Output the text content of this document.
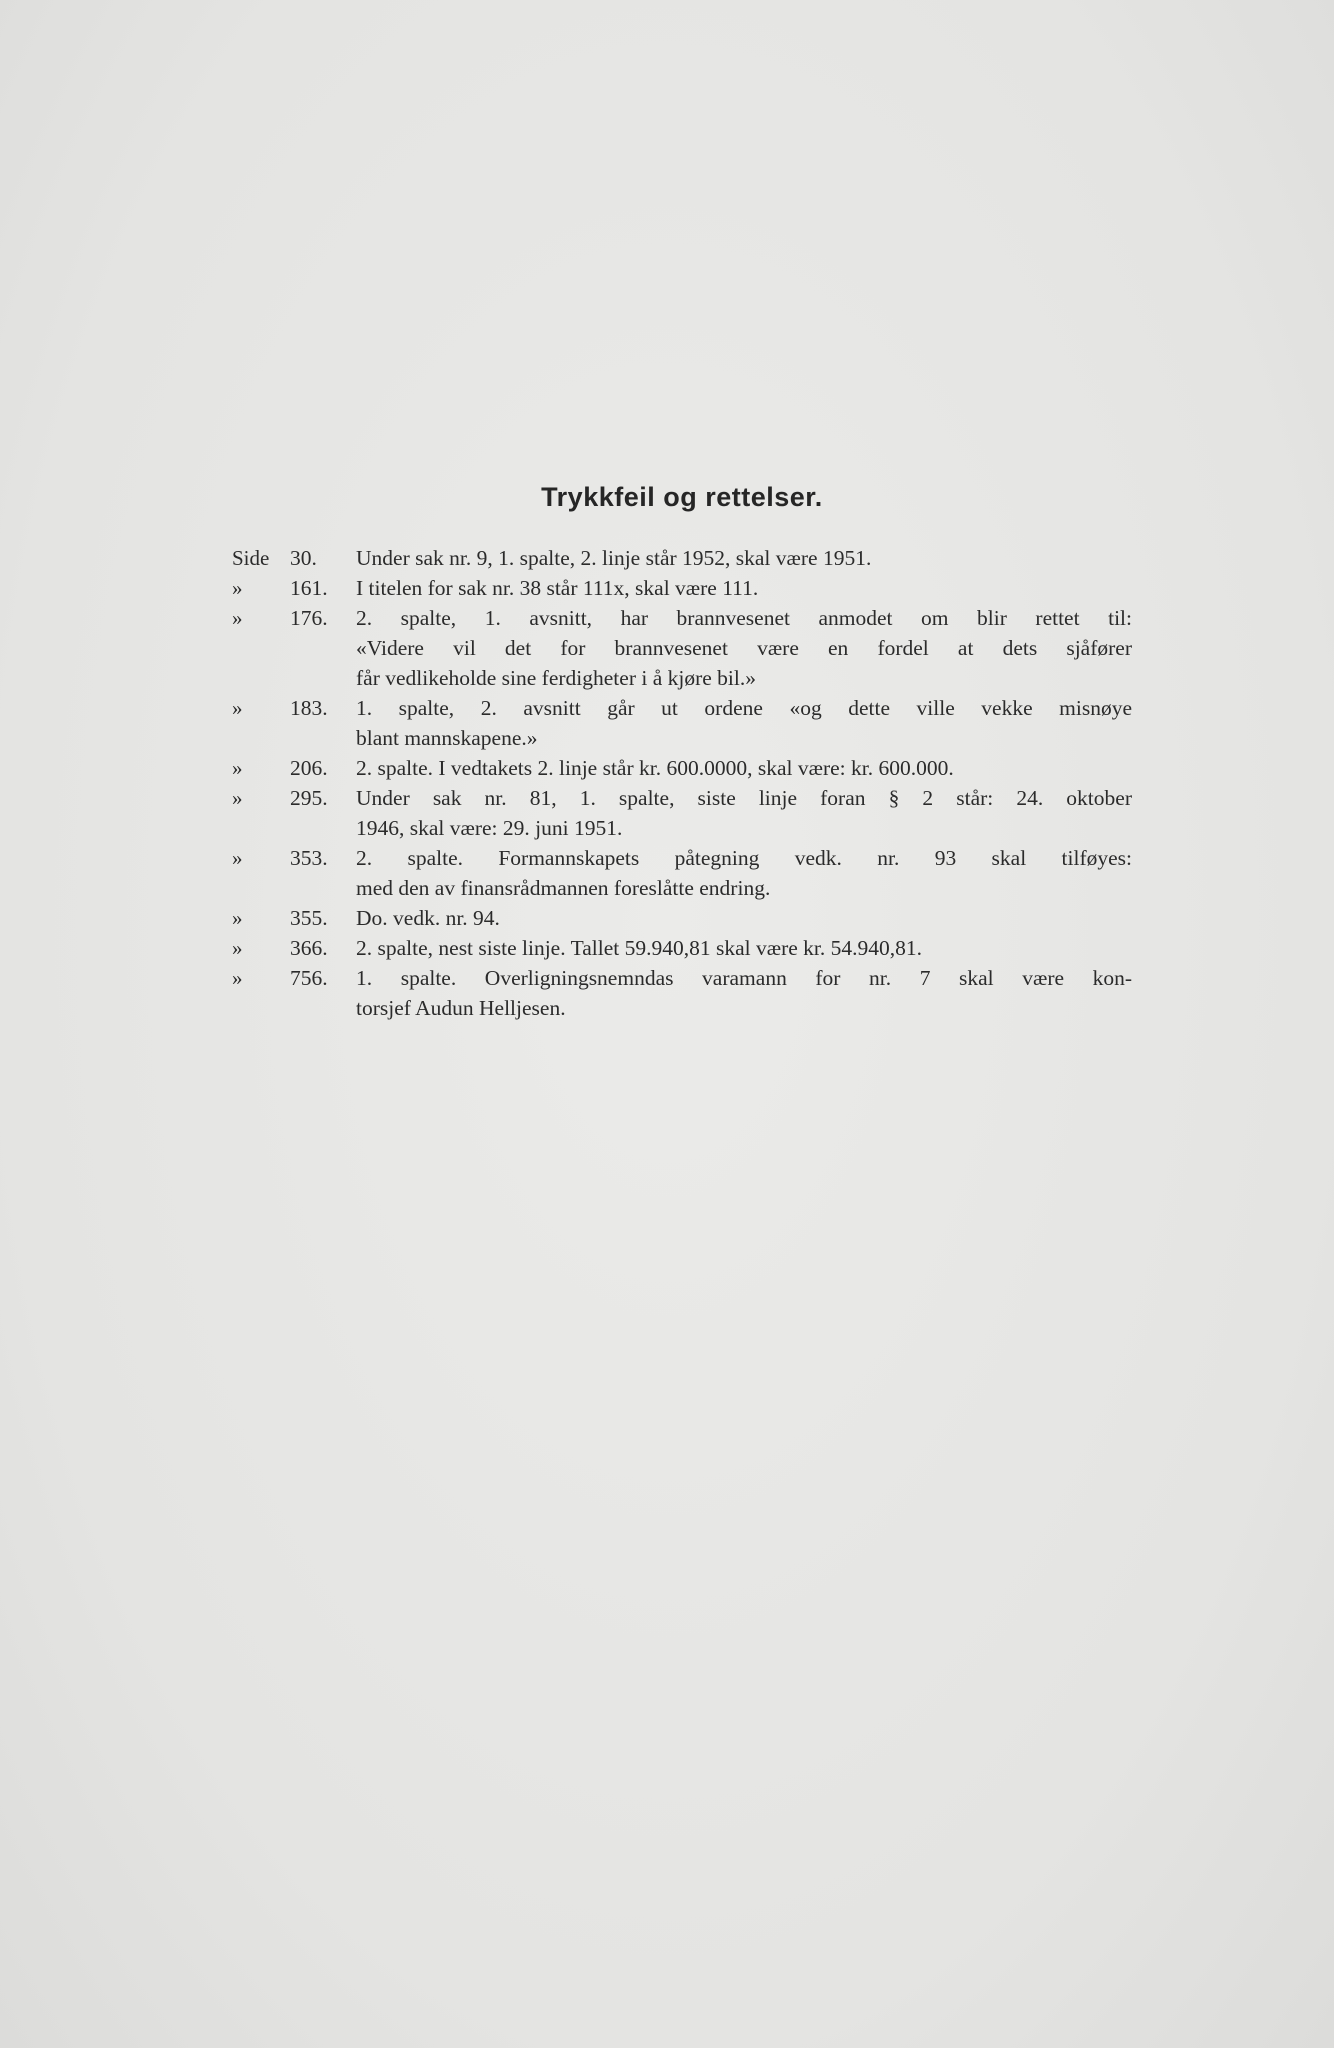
Trykkfeil og rettelser.
Side 30.	Under sak nr. 9, 1. spalte, 2. linje står 1952, skal være 1951.
» 161.	I titelen for sak nr. 38 står 111x, skal være 111.
» 176.	2. spalte, 1. avsnitt, har brannvesenet anmodet om blir rettet til:
«Videre vil det for brannvesenet være en fordel at dets sjåfører
får vedlikeholde sine ferdigheter i å kjøre bil.»
» 183.	1. spalte, 2. avsnitt går ut ordene «og dette ville vekke misnøye
blant mannskapene.»
» 206.	2. spalte. I vedtakets 2. linje står kr. 600.0000, skal være: kr. 600.000.
» 295.	Under sak nr. 81, 1. spalte, siste linje foran § 2 står: 24. oktober
1946, skal være: 29. juni 1951.
» 353.	2. spalte. Formannskapets påtegning vedk. nr. 93 skal tilføyes:
med den av finansrådmannen foreslåtte endring.
» 355.	Do. vedk. nr. 94.
» 366.	2. spalte, nest siste linje. Tallet 59.940,81 skal være kr. 54.940,81.
» 756.	1. spalte. Overligningsnemndas varamann for nr. 7 skal være kon-
torsjef Audun Helljesen.
